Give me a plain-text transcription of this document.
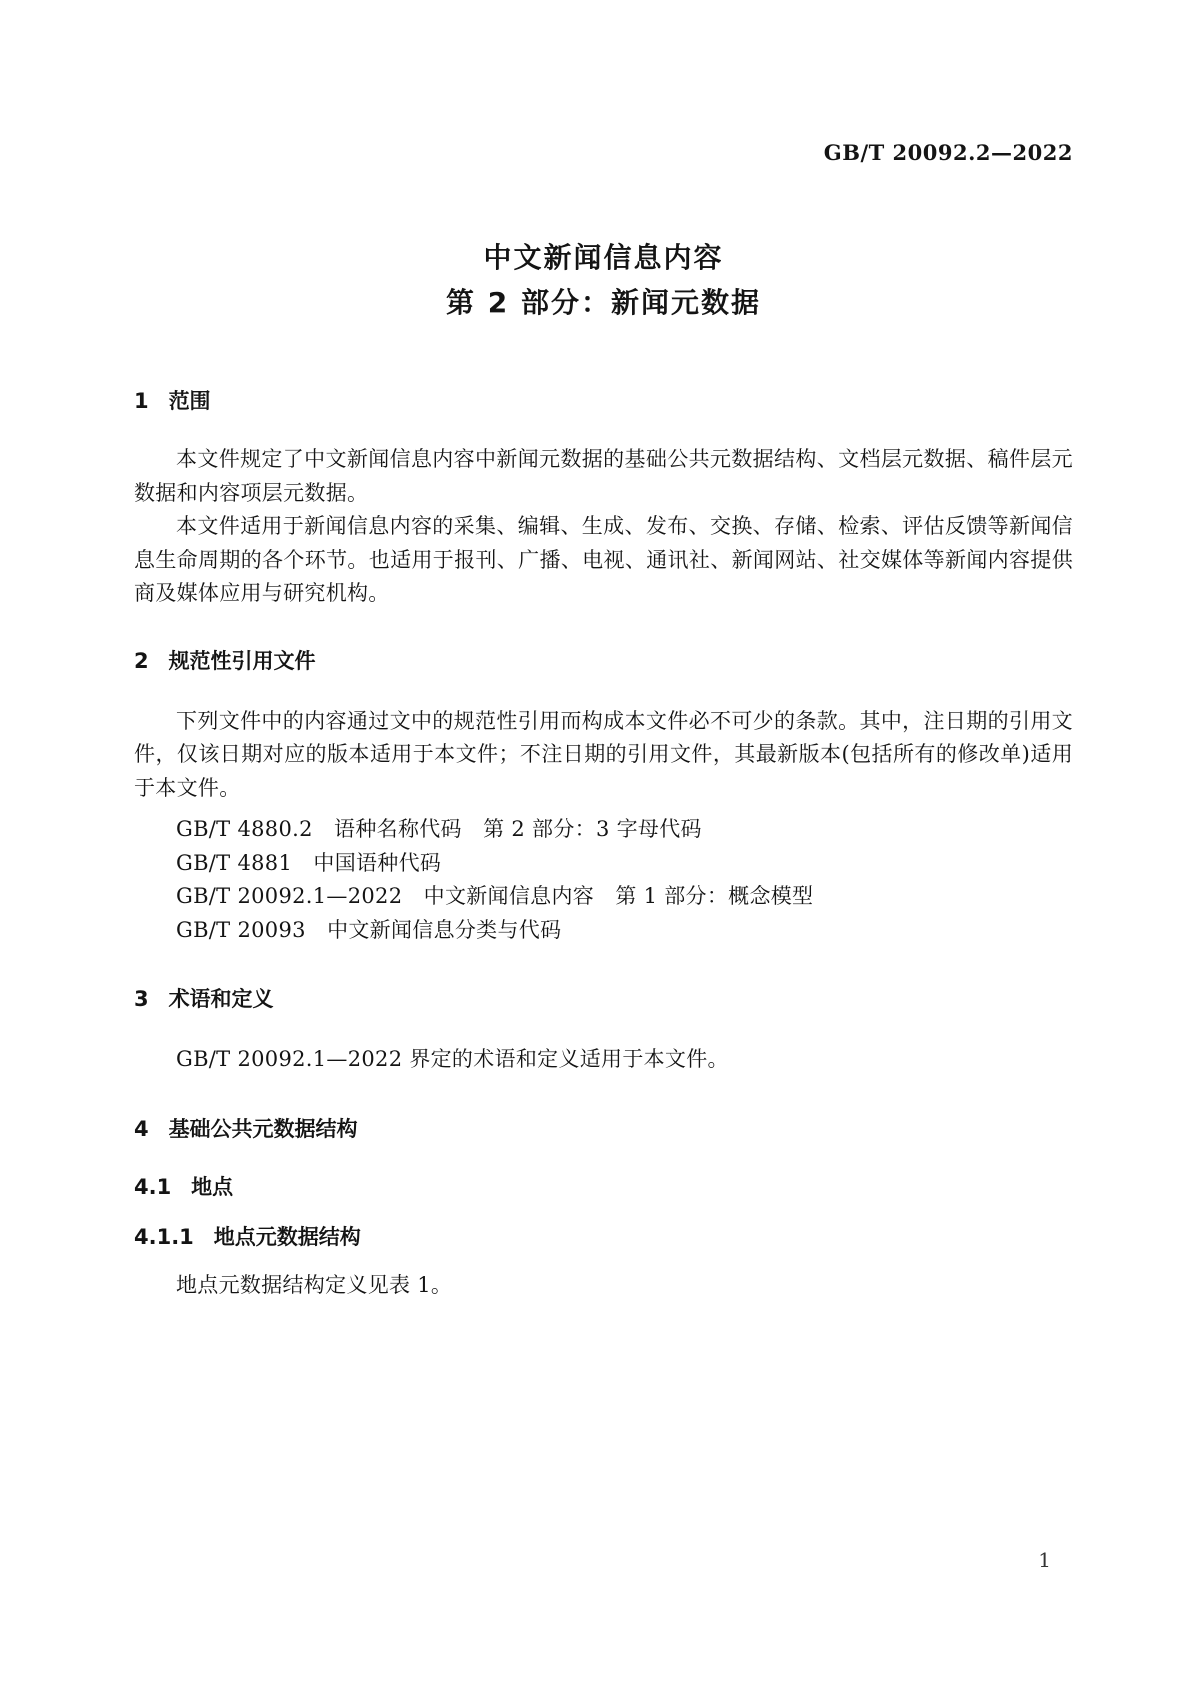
GB/T 20092.2—2022
中文新闻信息内容
第 2 部分：新闻元数据
1 范围

本文件规定了中文新闻信息内容中新闻元数据的基础公共元数据结构、文档层元数据、稿件层元数据和内容项层元数据。

本文件适用于新闻信息内容的采集、编辑、生成、发布、交换、存储、检索、评估反馈等新闻信息生命周期的各个环节。也适用于报刊、广播、电视、通讯社、新闻网站、社交媒体等新闻内容提供商及媒体应用与研究机构。

2 规范性引用文件

下列文件中的内容通过文中的规范性引用而构成本文件必不可少的条款。其中，注日期的引用文件，仅该日期对应的版本适用于本文件；不注日期的引用文件，其最新版本(包括所有的修改单)适用于本文件。

GB/T 4880.2　语种名称代码　第 2 部分：3 字母代码
GB/T 4881　中国语种代码
GB/T 20092.1—2022　中文新闻信息内容　第 1 部分：概念模型
GB/T 20093　中文新闻信息分类与代码
3 术语和定义

GB/T 20092.1—2022 界定的术语和定义适用于本文件。

4 基础公共元数据结构
4.1 地点
4.1.1 地点元数据结构

地点元数据结构定义见表 1。

1
